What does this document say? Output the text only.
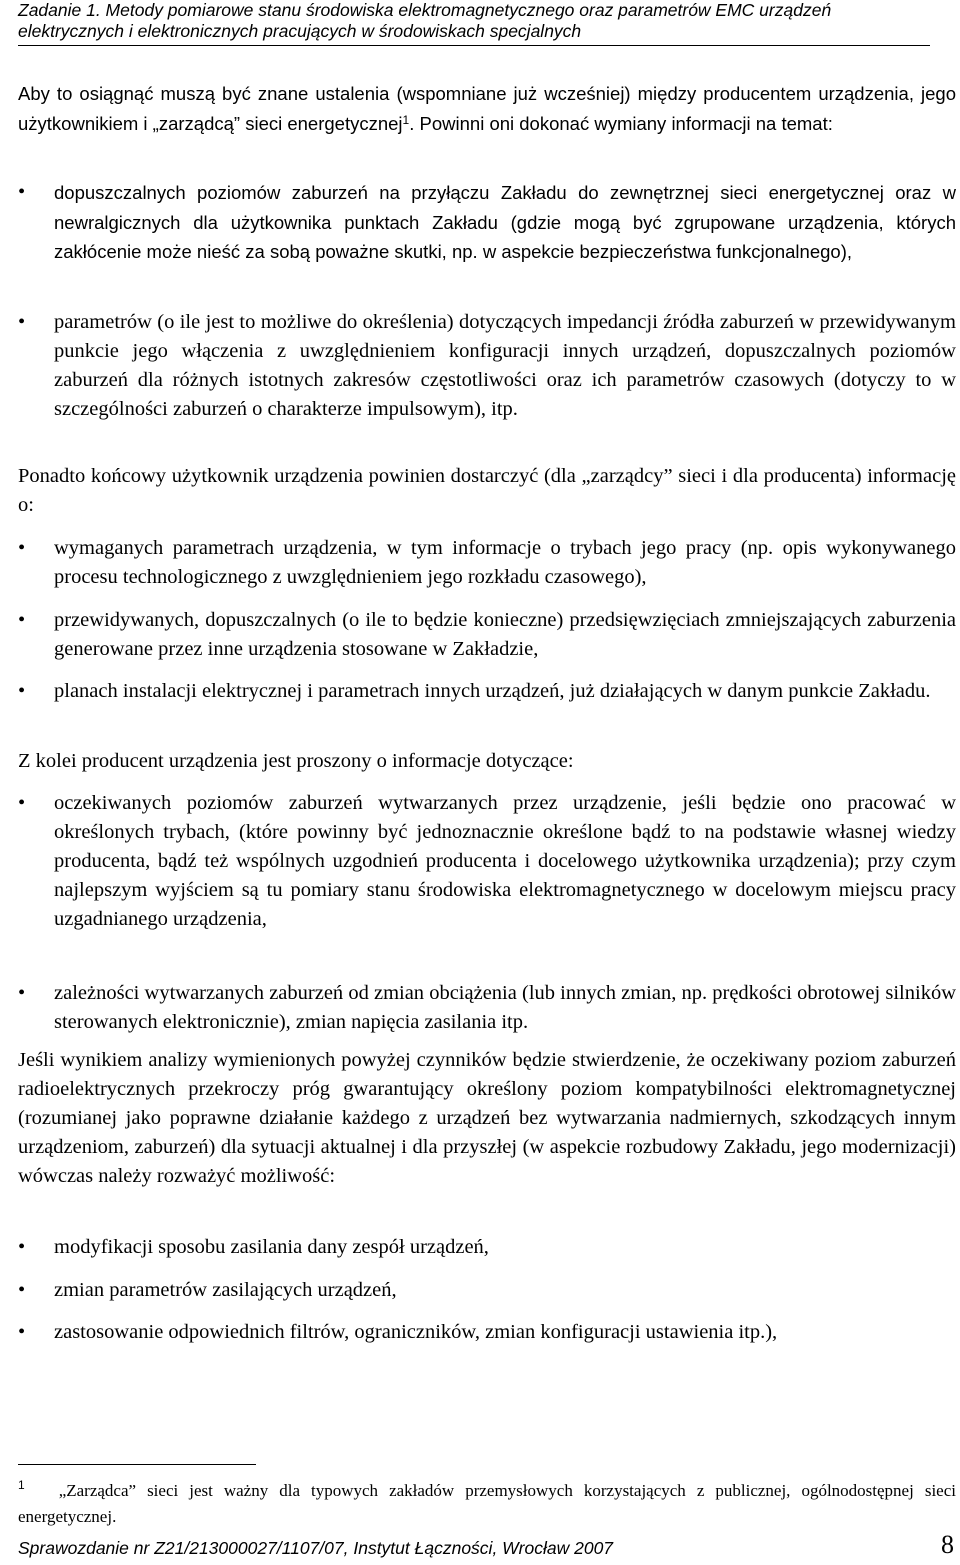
Zadanie 1. Metody pomiarowe stanu środowiska elektromagnetycznego oraz parametrów EMC urządzeń
elektrycznych i elektronicznych pracujących w środowiskach specjalnych
Aby to osiągnąć muszą być znane ustalenia (wspomniane już wcześniej) między producentem urządzenia, jego użytkownikiem i „zarządcą” sieci energetycznej$^1$. Powinni oni dokonać wymiany informacji na temat:
•	dopuszczalnych poziomów zaburzeń na przyłączu Zakładu do zewnętrznej sieci energetycznej oraz w newralgicznych dla użytkownika punktach Zakładu (gdzie mogą być zgrupowane urządzenia, których zakłócenie może nieść za sobą poważne skutki, np. w aspekcie bezpieczeństwa funkcjonalnego),
•	parametrów (o ile jest to możliwe do określenia) dotyczących impedancji źródła zaburzeń w przewidywanym punkcie jego włączenia z uwzględnieniem konfiguracji innych urządzeń, dopuszczalnych poziomów zaburzeń dla różnych istotnych zakresów częstotliwości oraz ich parametrów czasowych (dotyczy to w szczególności zaburzeń o charakterze impulsowym), itp.
Ponadto końcowy użytkownik urządzenia powinien dostarczyć (dla „zarządcy” sieci i dla producenta) informację o:
•	wymaganych parametrach urządzenia, w tym informacje o trybach jego pracy (np. opis wykonywanego procesu technologicznego z uwzględnieniem jego rozkładu czasowego),
•	przewidywanych, dopuszczalnych (o ile to będzie konieczne) przedsięwzięciach zmniejszających zaburzenia generowane przez inne urządzenia stosowane w Zakładzie,
•	planach instalacji elektrycznej i parametrach innych urządzeń, już działających w danym punkcie Zakładu.
Z kolei producent urządzenia jest proszony o informacje dotyczące:
•	oczekiwanych poziomów zaburzeń wytwarzanych przez urządzenie, jeśli będzie ono pracować w określonych trybach, (które powinny być jednoznacznie określone bądź to na podstawie własnej wiedzy producenta, bądź też wspólnych uzgodnień producenta i docelowego użytkownika urządzenia); przy czym najlepszym wyjściem są tu pomiary stanu środowiska elektromagnetycznego w docelowym miejscu pracy uzgadnianego urządzenia,
•	zależności wytwarzanych zaburzeń od zmian obciążenia (lub innych zmian, np. prędkości obrotowej silników sterowanych elektronicznie), zmian napięcia zasilania itp.
Jeśli wynikiem analizy wymienionych powyżej czynników będzie stwierdzenie, że oczekiwany poziom zaburzeń radioelektrycznych przekroczy próg gwarantujący określony poziom kompatybilności elektromagnetycznej (rozumianej jako poprawne działanie każdego z urządzeń bez wytwarzania nadmiernych, szkodzących innym urządzeniom, zaburzeń) dla sytuacji aktualnej i dla przyszłej (w aspekcie rozbudowy Zakładu, jego modernizacji) wówczas należy rozważyć możliwość:
•	modyfikacji sposobu zasilania dany zespół urządzeń,
•	zmian parametrów zasilających urządzeń,
•	zastosowanie odpowiednich filtrów, ograniczników, zmian konfiguracji ustawienia itp.),
$^1$ „Zarządca” sieci jest ważny dla typowych zakładów przemysłowych korzystających z publicznej, ogólnodostępnej sieci energetycznej.
Sprawozdanie nr Z21/213000027/1107/07, Instytut Łączności, Wrocław 2007	8
